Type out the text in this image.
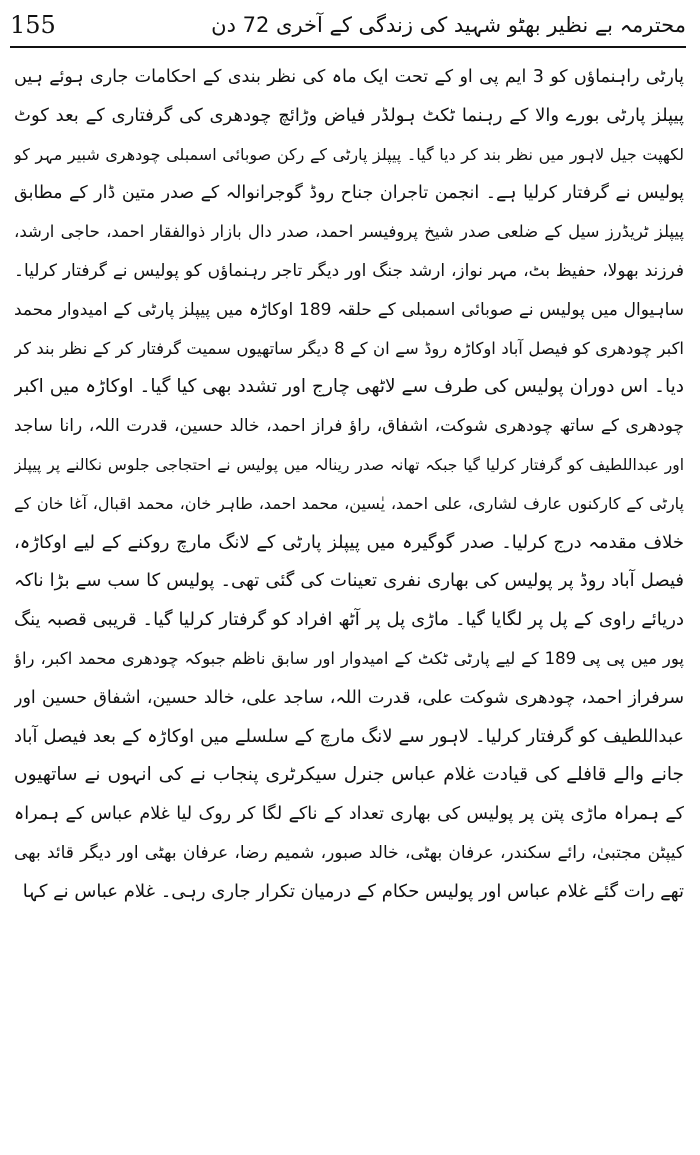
155	محترمہ بے نظیر بھٹو شہید کی زندگی کے آخری 72 دن
پارٹی راہنماؤں کو 3 ایم پی او کے تحت ایک ماہ کی نظر بندی کے احکامات جاری ہوئے ہیں
پیپلز پارٹی بورے والا کے رہنما ٹکٹ ہولڈر فیاض وڑائچ چودھری کی گرفتاری کے بعد کوٹ
لکھپت جیل لاہور میں نظر بند کر دیا گیا۔ پیپلز پارٹی کے رکن صوبائی اسمبلی چودھری شبیر مہر کو
پولیس نے گرفتار کرلیا ہے۔ انجمن تاجران جناح روڈ گوجرانوالہ کے صدر متین ڈار کے مطابق
پیپلز ٹریڈرز سیل کے ضلعی صدر شیخ پروفیسر احمد، صدر دال بازار ذوالفقار احمد، حاجی ارشد،
فرزند بھولا، حفیظ بٹ، مہر نواز، ارشد جنگ اور دیگر تاجر رہنماؤں کو پولیس نے گرفتار کرلیا۔
ساہیوال میں پولیس نے صوبائی اسمبلی کے حلقہ 189 اوکاڑہ میں پیپلز پارٹی کے امیدوار محمد
اکبر چودھری کو فیصل آباد اوکاڑہ روڈ سے ان کے 8 دیگر ساتھیوں سمیت گرفتار کر کے نظر بند کر
دیا۔ اس دوران پولیس کی طرف سے لاٹھی چارج اور تشدد بھی کیا گیا۔ اوکاڑہ میں اکبر
چودھری کے ساتھ چودھری شوکت، اشفاق، راؤ فراز احمد، خالد حسین، قدرت اللہ، رانا ساجد
اور عبداللطیف کو گرفتار کرلیا گیا جبکہ تھانہ صدر رینالہ میں پولیس نے احتجاجی جلوس نکالنے پر پیپلز
پارٹی کے کارکنوں عارف لشاری، علی احمد، یٰسین، محمد احمد، طاہر خان، محمد اقبال، آغا خان کے
خلاف مقدمہ درج کرلیا۔ صدر گوگیرہ میں پیپلز پارٹی کے لانگ مارچ روکنے کے لیے اوکاڑہ،
فیصل آباد روڈ پر پولیس کی بھاری نفری تعینات کی گئی تھی۔ پولیس کا سب سے بڑا ناکہ
دریائے راوی کے پل پر لگایا گیا۔ ماڑی پل پر آٹھ افراد کو گرفتار کرلیا گیا۔ قریبی قصبہ ینگ
پور میں پی پی 189 کے لیے پارٹی ٹکٹ کے امیدوار اور سابق ناظم جبوکہ چودھری محمد اکبر، راؤ
سرفراز احمد، چودھری شوکت علی، قدرت اللہ، ساجد علی، خالد حسین، اشفاق حسین اور
عبداللطیف کو گرفتار کرلیا۔ لاہور سے لانگ مارچ کے سلسلے میں اوکاڑہ کے بعد فیصل آباد
جانے والے قافلے کی قیادت غلام عباس جنرل سیکرٹری پنجاب نے کی انہوں نے ساتھیوں
کے ہمراہ ماڑی پتن پر پولیس کی بھاری تعداد کے ناکے لگا کر روک لیا غلام عباس کے ہمراہ
کیپٹن مجتبیٰ، رائے سکندر، عرفان بھٹی، خالد صبور، شمیم رضا، عرفان بھٹی اور دیگر قائد بھی
تھے رات گئے غلام عباس اور پولیس حکام کے درمیان تکرار جاری رہی۔ غلام عباس نے کہا
